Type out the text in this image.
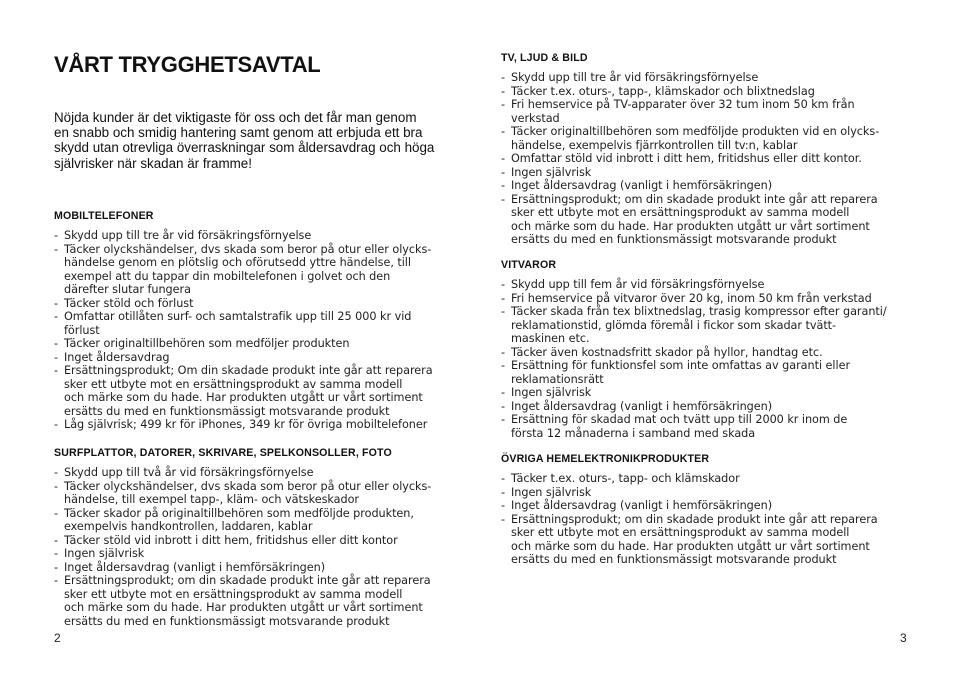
VÅRT TRYGGHETSAVTAL

Nöjda kunder är det viktigaste för oss och det får man genom
en snabb och smidig hantering samt genom att erbjuda ett bra
skydd utan otrevliga överraskningar som åldersavdrag och höga
självrisker när skadan är framme!

MOBILTELEFONER
- Skydd upp till tre år vid försäkringsförnyelse
- Täcker olyckshändelser, dvs skada som beror på otur eller olycks-
händelse genom en plötslig och oförutsedd yttre händelse, till
exempel att du tappar din mobiltelefonen i golvet och den
därefter slutar fungera
- Täcker stöld och förlust
- Omfattar otillåten surf- och samtalstrafik upp till 25 000 kr vid
förlust
- Täcker originaltillbehören som medföljer produkten
- Inget åldersavdrag
- Ersättningsprodukt; Om din skadade produkt inte går att reparera
sker ett utbyte mot en ersättningsprodukt av samma modell
och märke som du hade. Har produkten utgått ur vårt sortiment
ersätts du med en funktionsmässigt motsvarande produkt
- Låg självrisk; 499 kr för iPhones, 349 kr för övriga mobiltelefoner
SURFPLATTOR, DATORER, SKRIVARE, SPELKONSOLLER, FOTO
- Skydd upp till två år vid försäkringsförnyelse
- Täcker olyckshändelser, dvs skada som beror på otur eller olycks-
händelse, till exempel tapp-, kläm- och vätskeskador
- Täcker skador på originaltillbehören som medföljde produkten,
exempelvis handkontrollen, laddaren, kablar
- Täcker stöld vid inbrott i ditt hem, fritidshus eller ditt kontor
- Ingen självrisk
- Inget åldersavdrag (vanligt i hemförsäkringen)
- Ersättningsprodukt; om din skadade produkt inte går att reparera
sker ett utbyte mot en ersättningsprodukt av samma modell
och märke som du hade. Har produkten utgått ur vårt sortiment
ersätts du med en funktionsmässigt motsvarande produkt
2
TV, LJUD & BILD
- Skydd upp till tre år vid försäkringsförnyelse
- Täcker t.ex. oturs-, tapp-, klämskador och blixtnedslag
- Fri hemservice på TV-apparater över 32 tum inom 50 km från
verkstad
- Täcker originaltillbehören som medföljde produkten vid en olycks-
händelse, exempelvis fjärrkontrollen till tv:n, kablar
- Omfattar stöld vid inbrott i ditt hem, fritidshus eller ditt kontor.
- Ingen självrisk
- Inget åldersavdrag (vanligt i hemförsäkringen)
- Ersättningsprodukt; om din skadade produkt inte går att reparera
sker ett utbyte mot en ersättningsprodukt av samma modell
och märke som du hade. Har produkten utgått ur vårt sortiment
ersätts du med en funktionsmässigt motsvarande produkt
VITVAROR
- Skydd upp till fem år vid försäkringsförnyelse
- Fri hemservice på vitvaror över 20 kg, inom 50 km från verkstad
- Täcker skada från tex blixtnedslag, trasig kompressor efter garanti/
reklamationstid, glömda föremål i fickor som skadar tvätt-
maskinen etc.
- Täcker även kostnadsfritt skador på hyllor, handtag etc.
- Ersättning för funktionsfel som inte omfattas av garanti eller
reklamationsrätt
- Ingen självrisk
- Inget åldersavdrag (vanligt i hemförsäkringen)
- Ersättning för skadad mat och tvätt upp till 2000 kr inom de
första 12 månaderna i samband med skada
ÖVRIGA HEMELEKTRONIKPRODUKTER
- Täcker t.ex. oturs-, tapp- och klämskador
- Ingen självrisk
- Inget åldersavdrag (vanligt i hemförsäkringen)
- Ersättningsprodukt; om din skadade produkt inte går att reparera
sker ett utbyte mot en ersättningsprodukt av samma modell
och märke som du hade. Har produkten utgått ur vårt sortiment
ersätts du med en funktionsmässigt motsvarande produkt
3
